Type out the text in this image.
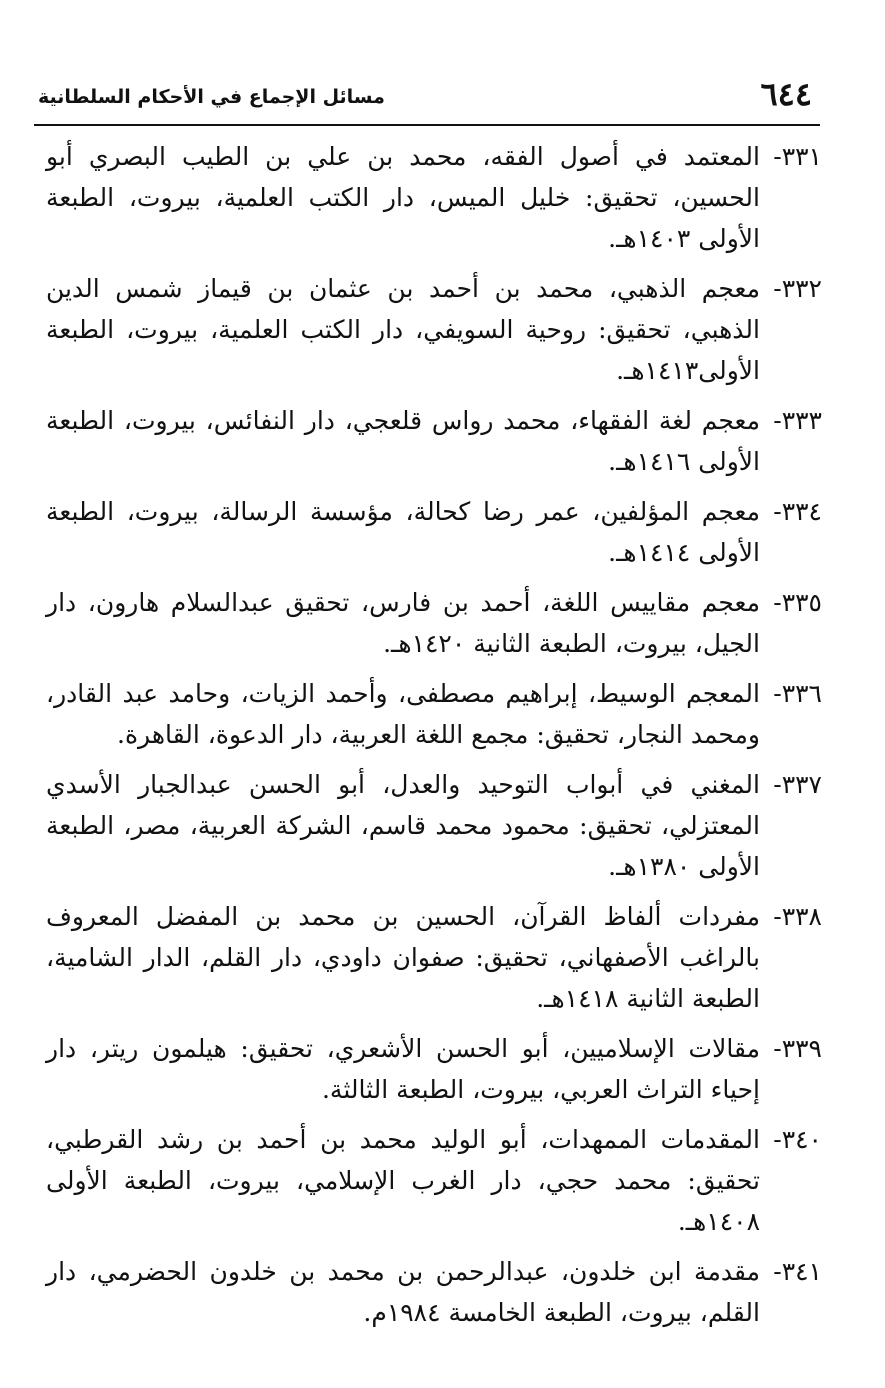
٦٤٤
مسائل الإجماع في الأحكام السلطانية
٣٣١-
المعتمد في أصول الفقه، محمد بن علي بن الطيب البصري أبو الحسين، تحقيق: خليل الميس، دار الكتب العلمية، بيروت، الطبعة الأولى ١٤٠٣هـ.
٣٣٢-
معجم الذهبي، محمد بن أحمد بن عثمان بن قيماز شمس الدين الذهبي، تحقيق: روحية السويفي، دار الكتب العلمية، بيروت، الطبعة الأولى١٤١٣هـ.
٣٣٣-
معجم لغة الفقهاء، محمد رواس قلعجي، دار النفائس، بيروت، الطبعة الأولى ١٤١٦هـ.
٣٣٤-
معجم المؤلفين، عمر رضا كحالة، مؤسسة الرسالة، بيروت، الطبعة الأولى ١٤١٤هـ.
٣٣٥-
معجم مقاييس اللغة، أحمد بن فارس، تحقيق عبدالسلام هارون، دار الجيل، بيروت، الطبعة الثانية ١٤٢٠هـ.
٣٣٦-
المعجم الوسيط، إبراهيم مصطفى، وأحمد الزيات، وحامد عبد القادر، ومحمد النجار، تحقيق: مجمع اللغة العربية، دار الدعوة، القاهرة.
٣٣٧-
المغني في أبواب التوحيد والعدل، أبو الحسن عبدالجبار الأسدي المعتزلي، تحقيق: محمود محمد قاسم، الشركة العربية، مصر، الطبعة الأولى ١٣٨٠هـ.
٣٣٨-
مفردات ألفاظ القرآن، الحسين بن محمد بن المفضل المعروف بالراغب الأصفهاني، تحقيق: صفوان داودي، دار القلم، الدار الشامية، الطبعة الثانية ١٤١٨هـ.
٣٣٩-
مقالات الإسلاميين، أبو الحسن الأشعري، تحقيق: هيلمون ريتر، دار إحياء التراث العربي، بيروت، الطبعة الثالثة.
٣٤٠-
المقدمات الممهدات، أبو الوليد محمد بن أحمد بن رشد القرطبي، تحقيق: محمد حجي، دار الغرب الإسلامي، بيروت، الطبعة الأولى ١٤٠٨هـ.
٣٤١-
مقدمة ابن خلدون، عبدالرحمن بن محمد بن خلدون الحضرمي، دار القلم، بيروت، الطبعة الخامسة ١٩٨٤م.
